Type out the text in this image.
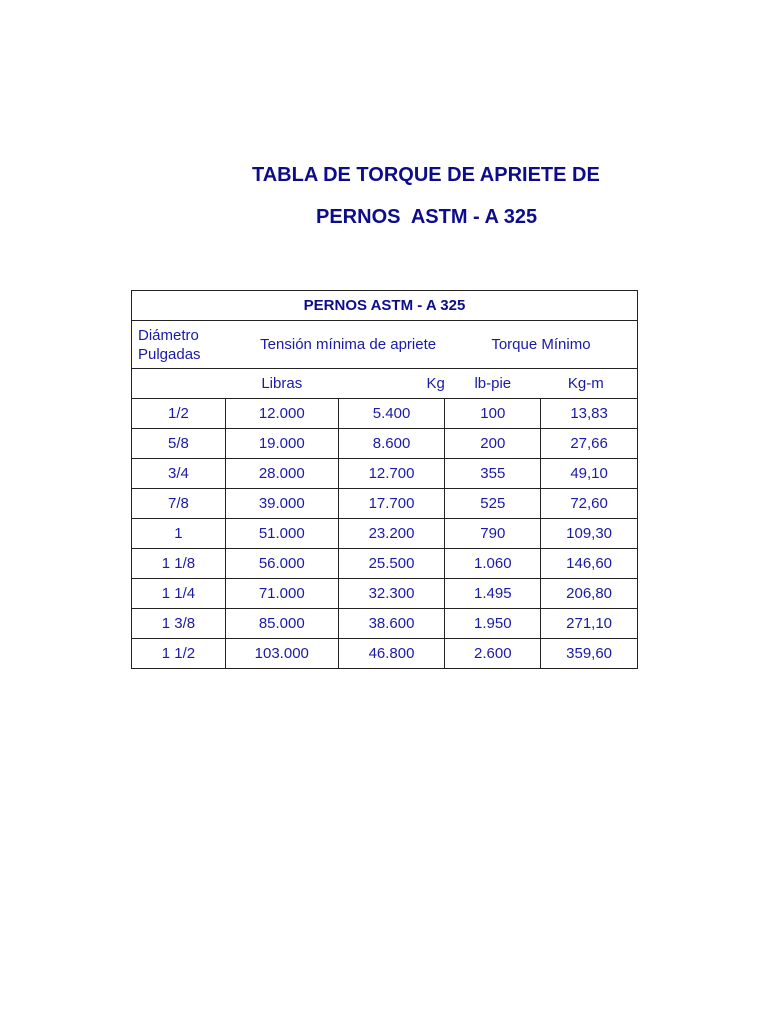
TABLA DE TORQUE DE APRIETE DE
PERNOS  ASTM - A 325
PERNOS ASTM - A 325				

Diámetro
Pulgadas	Tensión mínima de apriete		Torque Mínimo	
	Libras	Kg	lb-pie	Kg-m
1/2	12.000	5.400	100	13,83
5/8	19.000	8.600	200	27,66
3/4	28.000	12.700	355	49,10
7/8	39.000	17.700	525	72,60
1	51.000	23.200	790	109,30
1 1/8	56.000	25.500	1.060	146,60
1 1/4	71.000	32.300	1.495	206,80
1 3/8	85.000	38.600	1.950	271,10
1 1/2	103.000	46.800	2.600	359,60
